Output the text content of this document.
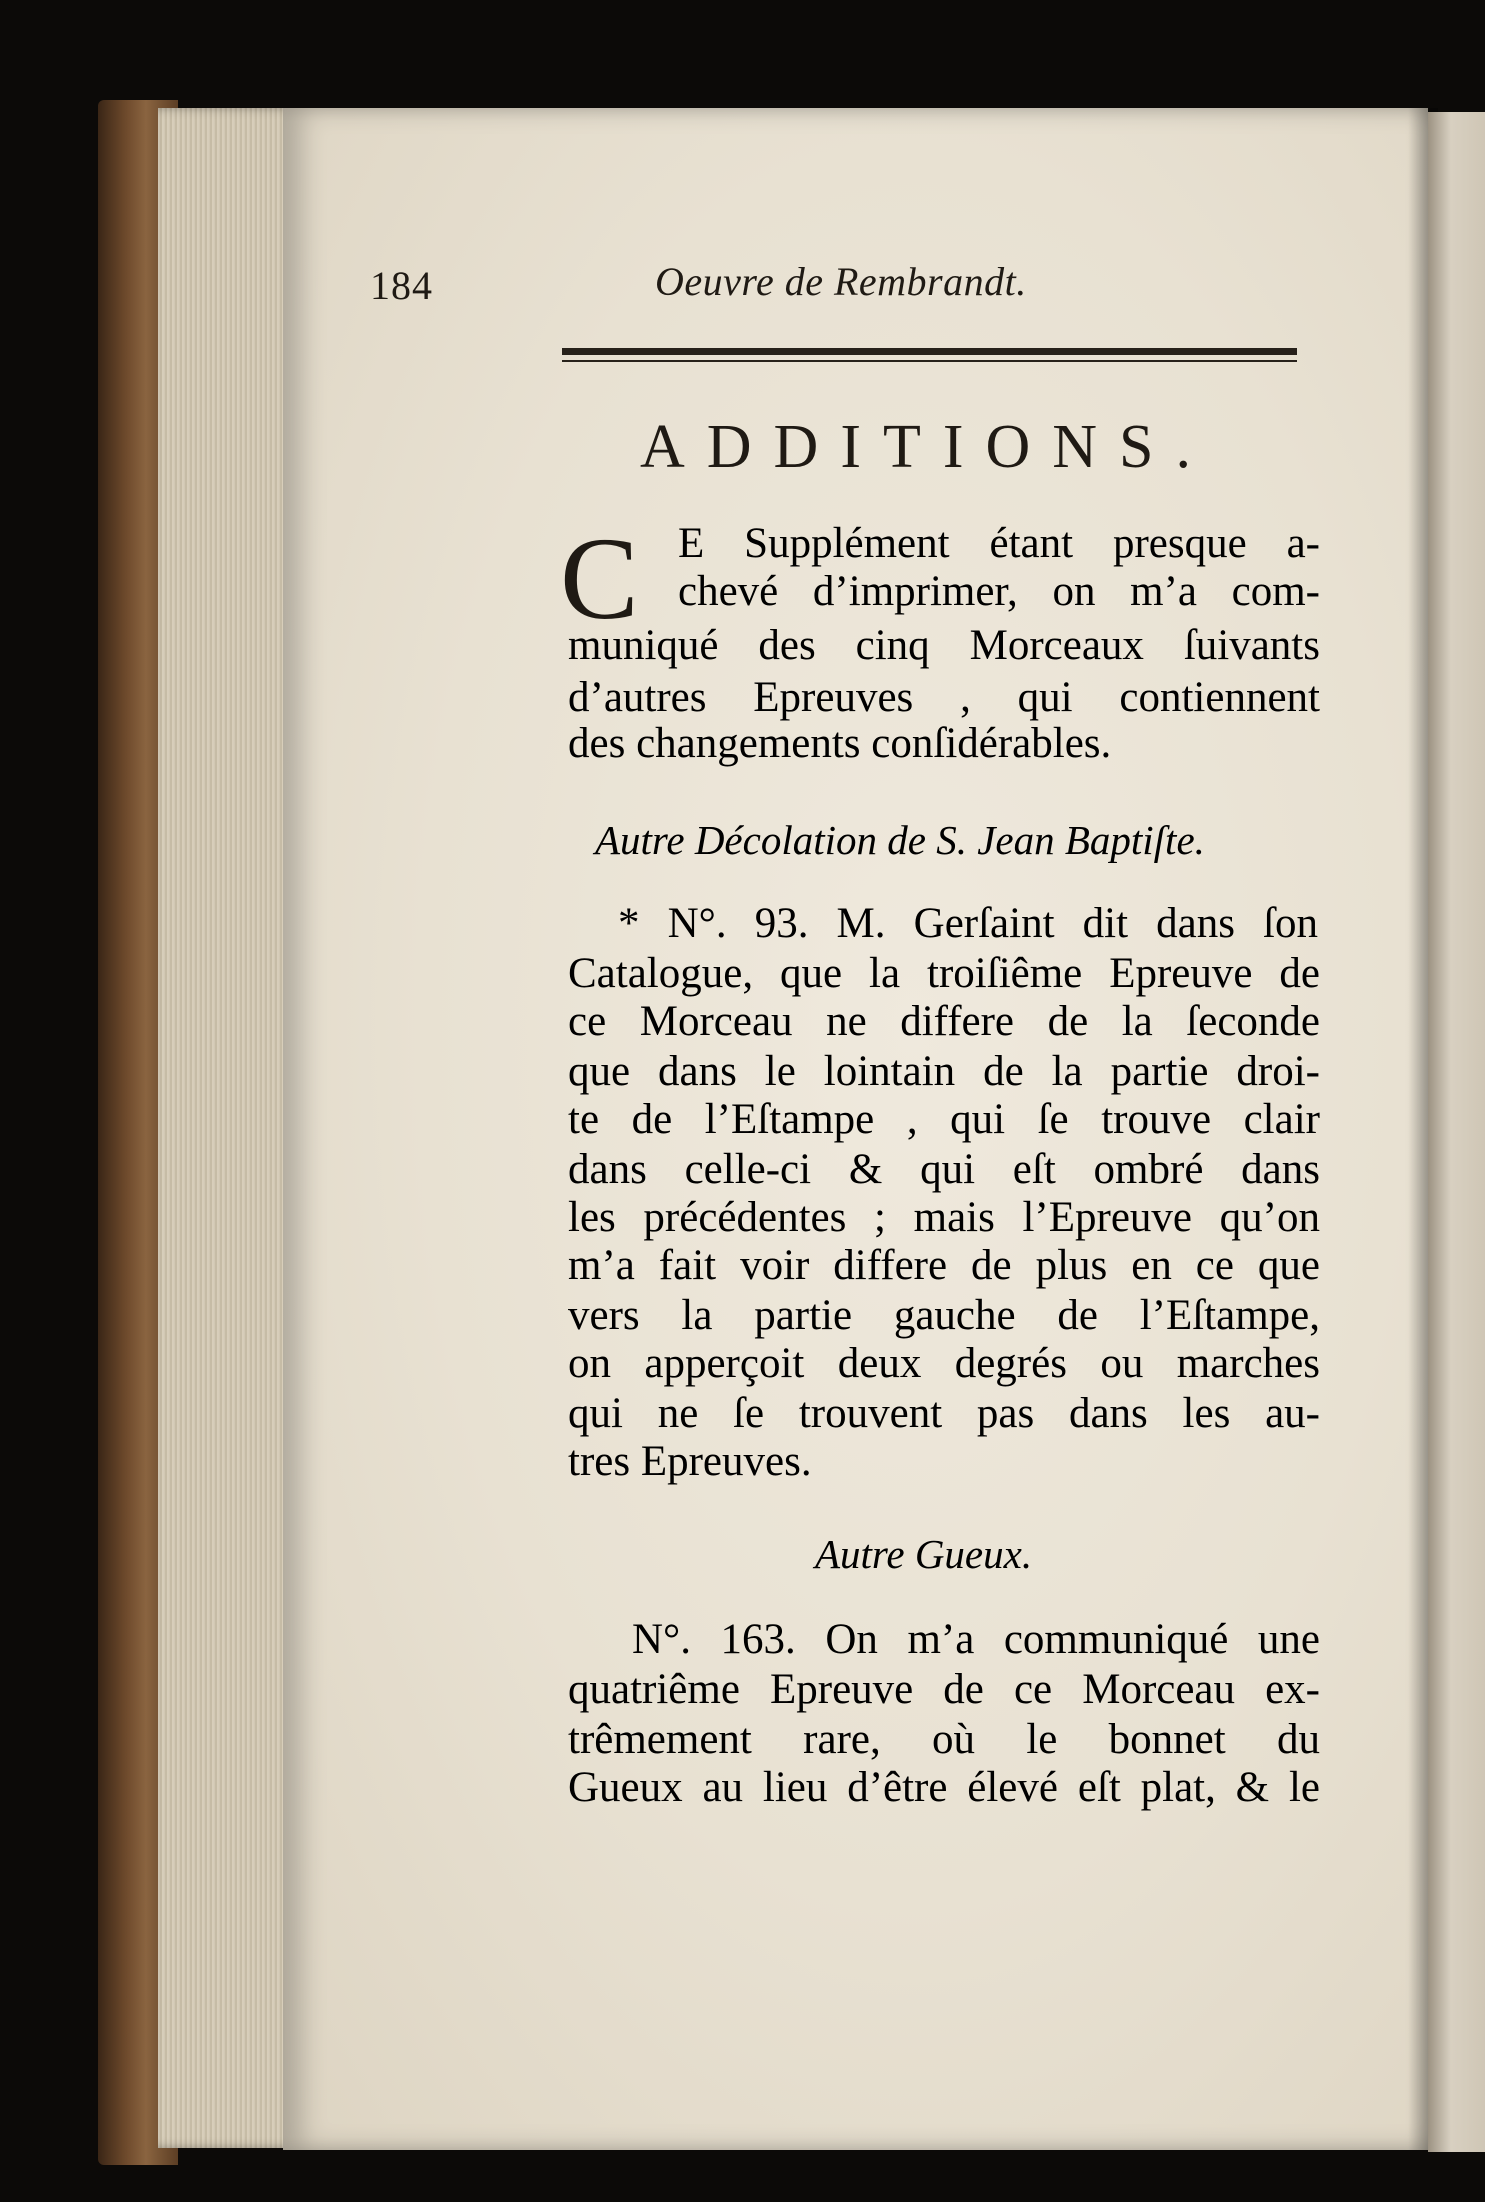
184	Oeuvre de Rembrandt.
ADDITIONS.
C E Supplément étant presque a-
chevé d’imprimer, on m’a com-
muniqué des cinq Morceaux ſuivants
d’autres Epreuves , qui contiennent
des changements conſidérables.
Autre Décolation de S. Jean Baptiſte.
* N°. 93. M. Gerſaint dit dans ſon
Catalogue, que la troiſiême Epreuve de
ce Morceau ne differe de la ſeconde
que dans le lointain de la partie droi-
te de l’Eſtampe , qui ſe trouve clair
dans celle-ci & qui eſt ombré dans
les précédentes ; mais l’Epreuve qu’on
m’a fait voir differe de plus en ce que
vers la partie gauche de l’Eſtampe,
on apperçoit deux degrés ou marches
qui ne ſe trouvent pas dans les au-
tres Epreuves.
Autre Gueux.
N°. 163. On m’a communiqué une
quatriême Epreuve de ce Morceau ex-
trêmement rare, où le bonnet du
Gueux au lieu d’être élevé eſt plat, & le
